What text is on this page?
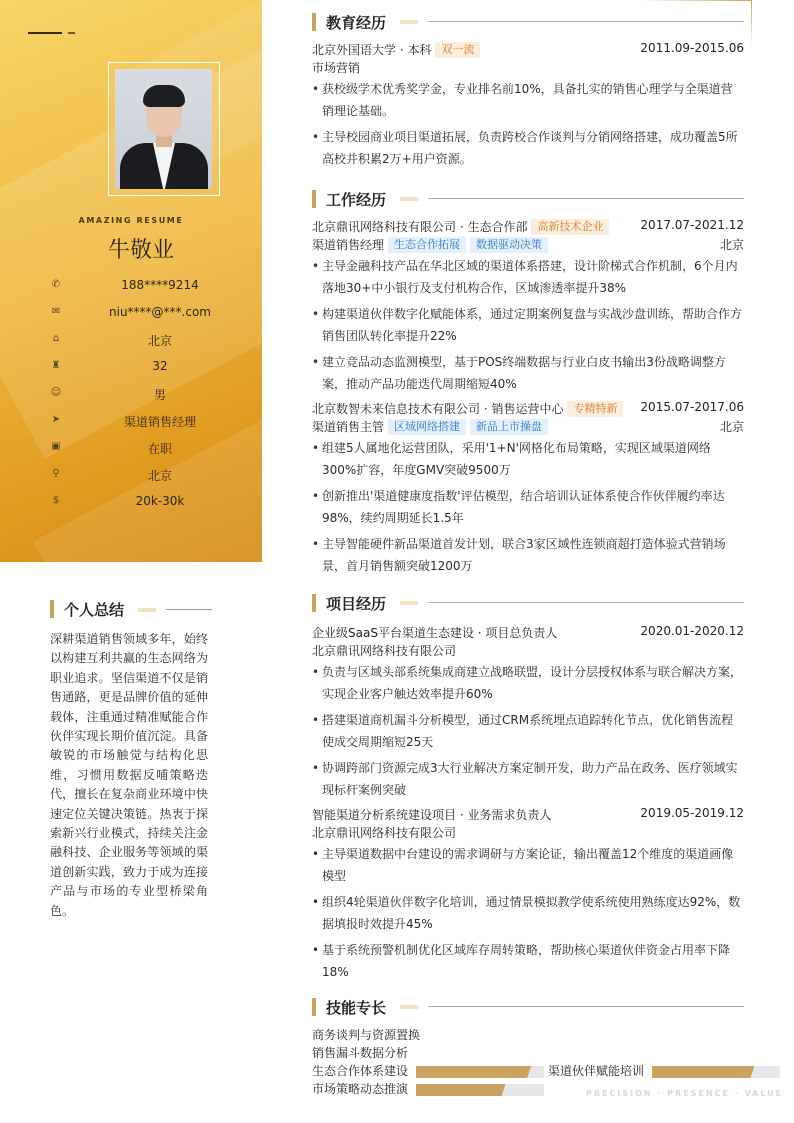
AMAZING RESUME
牛敬业
✆	188****9214
✉	niu****@***.com
⌂	北京
♜	32
☺	男
➤	渠道销售经理
▣	在职
⚲	北京
$	20k-30k
个人总结
深耕渠道销售领域多年，始终以构建互利共赢的生态网络为职业追求。坚信渠道不仅是销售通路，更是品牌价值的延伸载体，注重通过精准赋能合作伙伴实现长期价值沉淀。具备敏锐的市场触觉与结构化思维，习惯用数据反哺策略迭代，擅长在复杂商业环境中快速定位关键决策链。热衷于探索新兴行业模式，持续关注金融科技、企业服务等领域的渠道创新实践，致力于成为连接产品与市场的专业型桥梁角色。
教育经历
北京外国语大学 · 本科 双一流	2011.09-2015.06
市场营销
• 获校级学术优秀奖学金，专业排名前10%，具备扎实的销售心理学与全渠道营销理论基础。
• 主导校园商业项目渠道拓展，负责跨校合作谈判与分销网络搭建，成功覆盖5所高校并积累2万+用户资源。
工作经历
北京鼎讯网络科技有限公司 · 生态合作部 高新技术企业	2017.07-2021.12
渠道销售经理 生态合作拓展 数据驱动决策	北京
• 主导金融科技产品在华北区域的渠道体系搭建，设计阶梯式合作机制，6个月内落地30+中小银行及支付机构合作，区域渗透率提升38%
• 构建渠道伙伴数字化赋能体系，通过定期案例复盘与实战沙盘训练，帮助合作方销售团队转化率提升22%
• 建立竞品动态监测模型，基于POS终端数据与行业白皮书输出3份战略调整方案，推动产品功能迭代周期缩短40%
北京数智未来信息技术有限公司 · 销售运营中心 专精特新	2015.07-2017.06
渠道销售主管 区域网络搭建 新品上市操盘	北京
• 组建5人属地化运营团队，采用'1+N'网格化布局策略，实现区域渠道网络300%扩容，年度GMV突破9500万
• 创新推出'渠道健康度指数'评估模型，结合培训认证体系使合作伙伴履约率达98%，续约周期延长1.5年
• 主导智能硬件新品渠道首发计划，联合3家区域性连锁商超打造体验式营销场景，首月销售额突破1200万
项目经历
企业级SaaS平台渠道生态建设 · 项目总负责人	2020.01-2020.12
北京鼎讯网络科技有限公司
• 负责与区域头部系统集成商建立战略联盟，设计分层授权体系与联合解决方案，实现企业客户触达效率提升60%
• 搭建渠道商机漏斗分析模型，通过CRM系统埋点追踪转化节点，优化销售流程使成交周期缩短25天
• 协调跨部门资源完成3大行业解决方案定制开发，助力产品在政务、医疗领域实现标杆案例突破
智能渠道分析系统建设项目 · 业务需求负责人	2019.05-2019.12
北京鼎讯网络科技有限公司
• 主导渠道数据中台建设的需求调研与方案论证，输出覆盖12个维度的渠道画像模型
• 组织4轮渠道伙伴数字化培训，通过情景模拟教学使系统使用熟练度达92%，数据填报时效提升45%
• 基于系统预警机制优化区域库存周转策略，帮助核心渠道伙伴资金占用率下降18%
技能专长
商务谈判与资源置换
销售漏斗数据分析
生态合作体系建设	渠道伙伴赋能培训
市场策略动态推演	PRECISION · PRESENCE · VALUE
